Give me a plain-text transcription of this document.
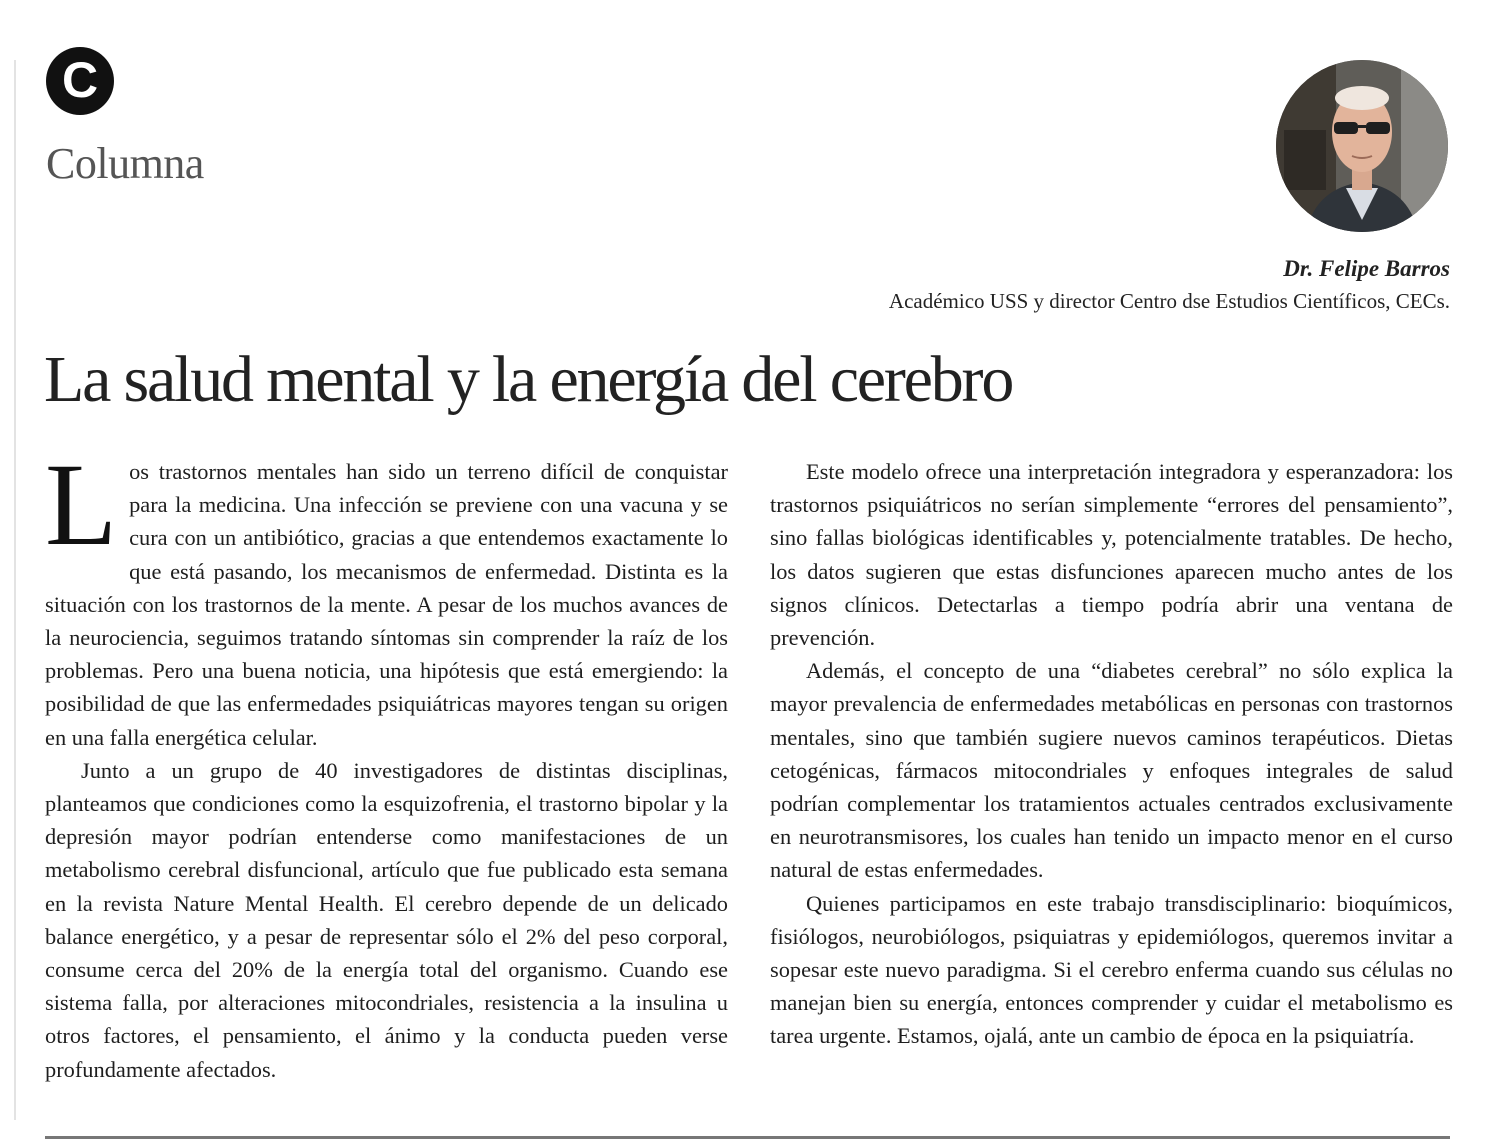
C
Columna
Dr. Felipe Barros
Académico USS y director Centro dse Estudios Científicos, CECs.
La salud mental y la energía del cerebro

Los trastornos mentales han sido un terreno difícil de conquistar para la medicina. Una infección se previene con una vacuna y se cura con un antibiótico, gracias a que entendemos exactamente lo que está pasando, los mecanismos de enfermedad. Distinta es la situación con los trastornos de la mente. A pesar de los muchos avances de la neurociencia, seguimos tratando síntomas sin comprender la raíz de los problemas. Pero una buena noticia, una hipótesis que está emergiendo: la posibilidad de que las enfermedades psiquiátricas mayores tengan su origen en una falla energética celular.

Junto a un grupo de 40 investigadores de distintas disciplinas, planteamos que condiciones como la esquizofrenia, el trastorno bipolar y la depresión mayor podrían entenderse como manifestaciones de un metabolismo cerebral disfuncional, artículo que fue publicado esta semana en la revista Nature Mental Health. El cerebro depende de un delicado balance energético, y a pesar de representar sólo el 2% del peso corporal, consume cerca del 20% de la energía total del organismo. Cuando ese sistema falla, por alteraciones mitocondriales, resistencia a la insulina u otros factores, el pensamiento, el ánimo y la conducta pueden verse profundamente afectados.

Este modelo ofrece una interpretación integradora y esperanzadora: los trastornos psiquiátricos no serían simplemente “errores del pensamiento”, sino fallas biológicas identificables y, potencialmente tratables. De hecho, los datos sugieren que estas disfunciones aparecen mucho antes de los signos clínicos. Detectarlas a tiempo podría abrir una ventana de prevención.

Además, el concepto de una “diabetes cerebral” no sólo explica la mayor prevalencia de enfermedades metabólicas en personas con trastornos mentales, sino que también sugiere nuevos caminos terapéuticos. Dietas cetogénicas, fármacos mitocondriales y enfoques integrales de salud podrían complementar los tratamientos actuales centrados exclusivamente en neurotransmisores, los cuales han tenido un impacto menor en el curso natural de estas enfermedades.

Quienes participamos en este trabajo transdisciplinario: bioquímicos, fisiólogos, neurobiólogos, psiquiatras y epidemiólogos, queremos invitar a sopesar este nuevo paradigma. Si el cerebro enferma cuando sus células no manejan bien su energía, entonces comprender y cuidar el metabolismo es tarea urgente. Estamos, ojalá, ante un cambio de época en la psiquiatría.
